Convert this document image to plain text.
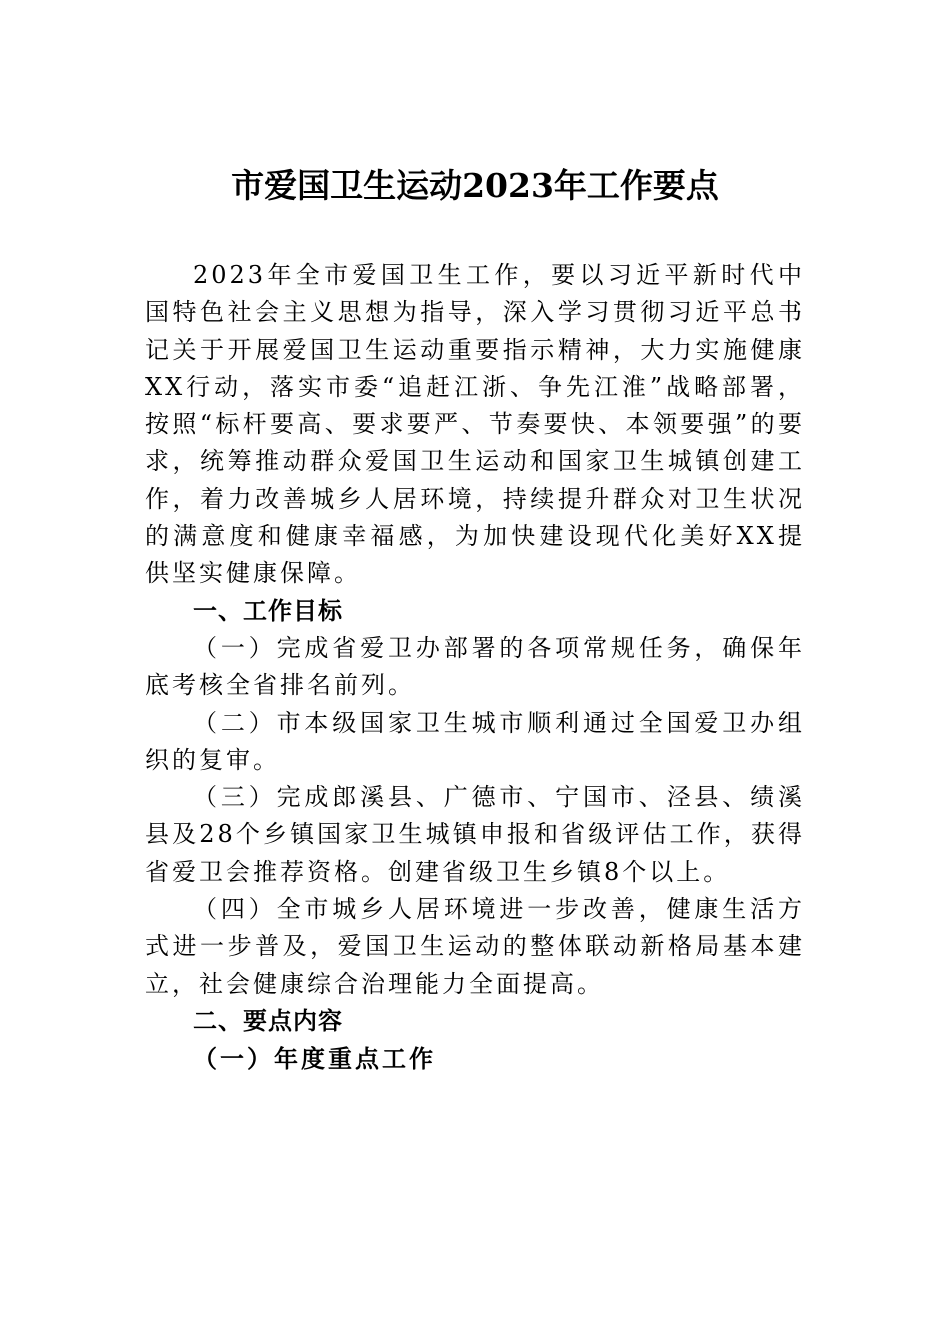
市爱国卫生运动2023年工作要点

2023年全市爱国卫生工作，要以习近平新时代中国特色社会主义思想为指导，深入学习贯彻习近平总书记关于开展爱国卫生运动重要指示精神，大力实施健康XX行动，落实市委“追赶江浙、争先江淮”战略部署，按照“标杆要高、要求要严、节奏要快、本领要强”的要求，统筹推动群众爱国卫生运动和国家卫生城镇创建工作，着力改善城乡人居环境，持续提升群众对卫生状况的满意度和健康幸福感，为加快建设现代化美好XX提供坚实健康保障。

一、工作目标

（一）完成省爱卫办部署的各项常规任务，确保年底考核全省排名前列。

（二）市本级国家卫生城市顺利通过全国爱卫办组织的复审。

（三）完成郎溪县、广德市、宁国市、泾县、绩溪县及28个乡镇国家卫生城镇申报和省级评估工作，获得省爱卫会推荐资格。创建省级卫生乡镇8个以上。

（四）全市城乡人居环境进一步改善，健康生活方式进一步普及，爱国卫生运动的整体联动新格局基本建立，社会健康综合治理能力全面提高。

二、要点内容

（一）年度重点工作
